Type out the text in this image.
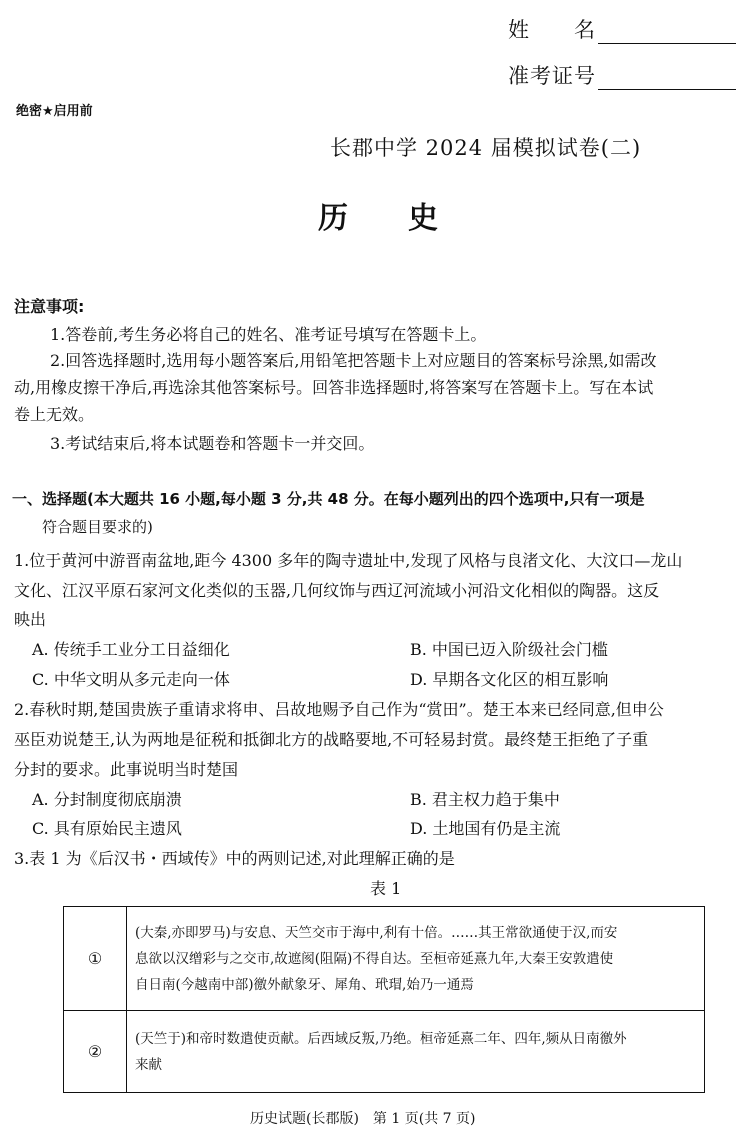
姓　　名
准考证号
绝密★启用前
长郡中学 2024 届模拟试卷(二)
历　　史
注意事项:
1.答卷前,考生务必将自己的姓名、准考证号填写在答题卡上。
2.回答选择题时,选用每小题答案后,用铅笔把答题卡上对应题目的答案标号涂黑,如需改
动,用橡皮擦干净后,再选涂其他答案标号。回答非选择题时,将答案写在答题卡上。写在本试
卷上无效。
3.考试结束后,将本试题卷和答题卡一并交回。
一、选择题(本大题共 16 小题,每小题 3 分,共 48 分。在每小题列出的四个选项中,只有一项是
符合题目要求的)
1.位于黄河中游晋南盆地,距今 4300 多年的陶寺遗址中,发现了风格与良渚文化、大汶口—龙山
文化、江汉平原石家河文化类似的玉器,几何纹饰与西辽河流域小河沿文化相似的陶器。这反
映出
A. 传统手工业分工日益细化	B. 中国已迈入阶级社会门槛
C. 中华文明从多元走向一体	D. 早期各文化区的相互影响
2.春秋时期,楚国贵族子重请求将申、吕故地赐予自己作为“赏田”。楚王本来已经同意,但申公
巫臣劝说楚王,认为两地是征税和抵御北方的战略要地,不可轻易封赏。最终楚王拒绝了子重
分封的要求。此事说明当时楚国
A. 分封制度彻底崩溃	B. 君主权力趋于集中
C. 具有原始民主遗风	D. 土地国有仍是主流
3.表 1 为《后汉书・西域传》中的两则记述,对此理解正确的是
表 1
①	(大秦,亦即罗马)与安息、天竺交市于海中,利有十倍。……其王常欲通使于汉,而安
息欲以汉缯彩与之交市,故遮阂(阻隔)不得自达。至桓帝延熹九年,大秦王安敦遣使
自日南(今越南中部)徼外献象牙、犀角、玳瑁,始乃一通焉

②	(天竺于)和帝时数遣使贡献。后西域反叛,乃绝。桓帝延熹二年、四年,频从日南徼外
来献
历史试题(长郡版)　第 1 页(共 7 页)
